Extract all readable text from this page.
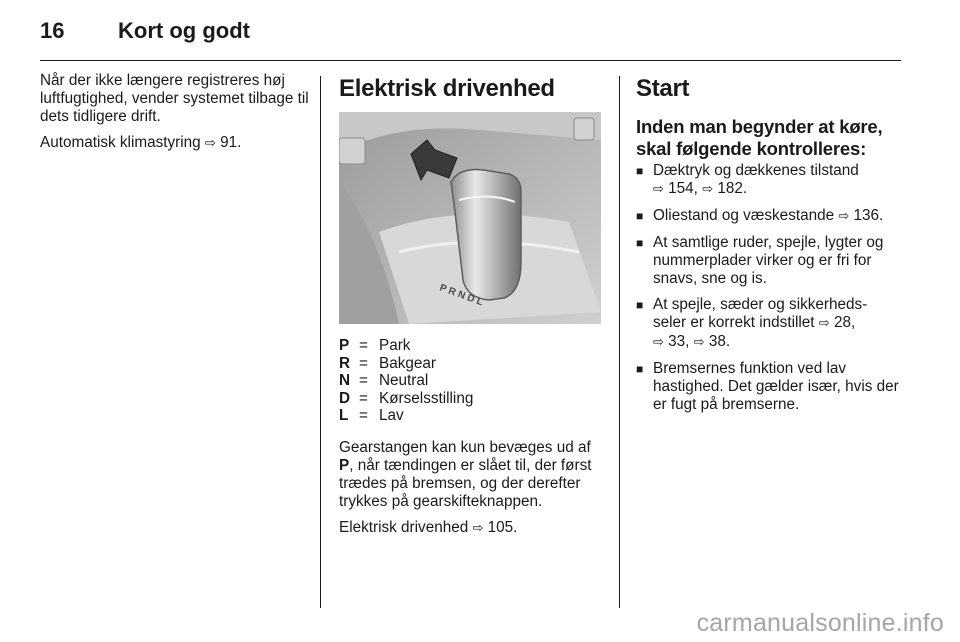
16 Kort og godt

Når der ikke længere registreres høj luftfugtighed, vender systemet tilbage til dets tidligere drift.

Automatisk klimastyring ⇨ 91.

Elektrisk drivenhed
P R N D L
P = Park
R = Bakgear
N = Neutral
D = Kørselsstilling
L = Lav

Gearstangen kan kun bevæges ud af P, når tændingen er slået til, der først trædes på bremsen, og der derefter trykkes på gearskifteknappen.

Elektrisk drivenhed ⇨ 105.

Start
Inden man begynder at køre, skal følgende kontrolleres:
■ Dæktryk og dækkenes tilstand
⇨ 154, ⇨ 182.
■ Oliestand og væskestande ⇨ 136.
■ At samtlige ruder, spejle, lygter og nummerplader virker og er fri for snavs, sne og is.
■ At spejle, sæder og sikkerheds- seler er korrekt indstillet ⇨ 28,
⇨ 33, ⇨ 38.
■ Bremsernes funktion ved lav hastighed. Det gælder især, hvis der er fugt på bremserne.
carmanualsonline.info
